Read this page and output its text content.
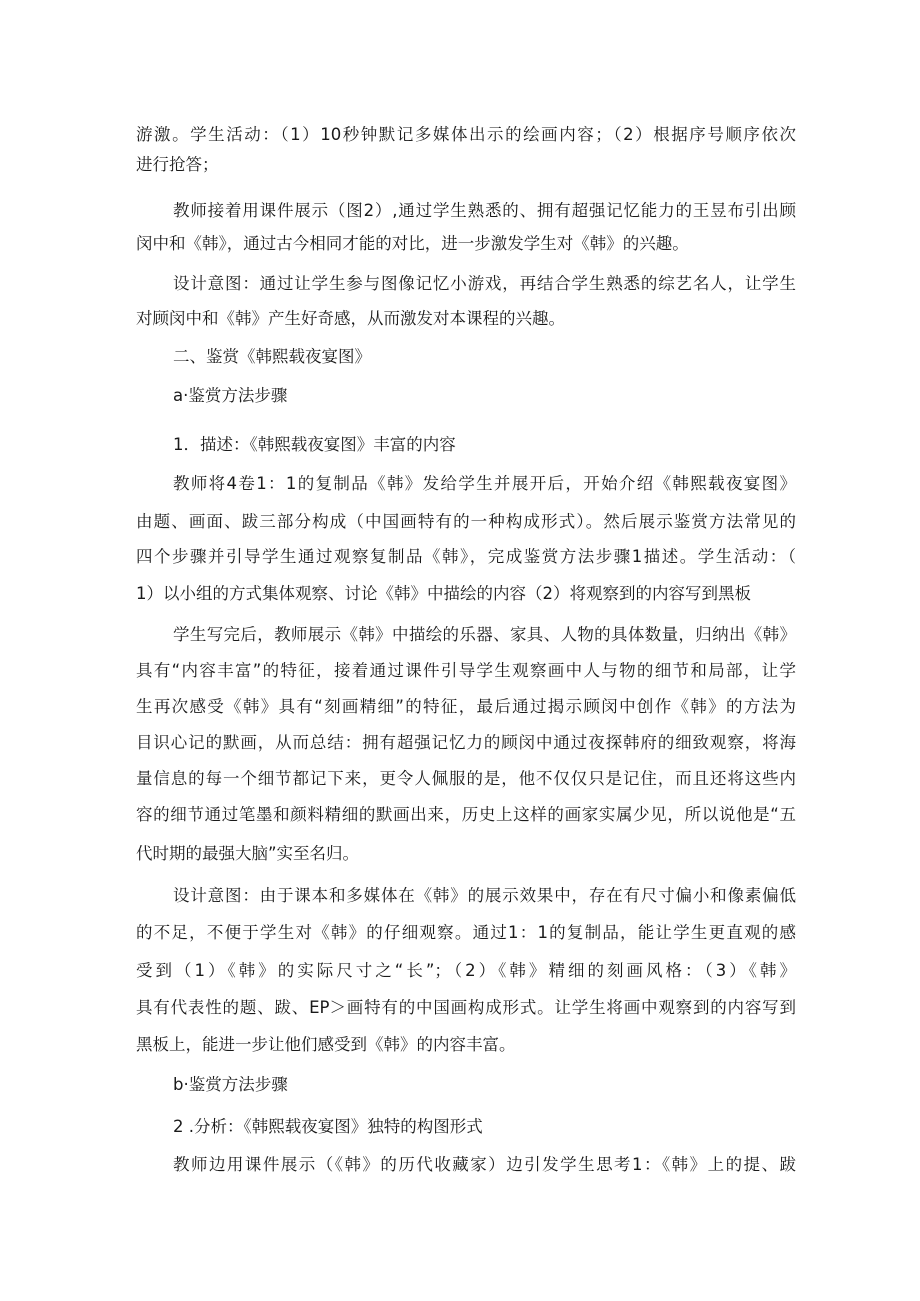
游激。学生活动：（1）10秒钟默记多媒体出示的绘画内容；（2）根据序号顺序依次
进行抢答；
教师接着用课件展示（图2）,通过学生熟悉的、拥有超强记忆能力的王昱布引出顾
闵中和《韩》，通过古今相同才能的对比，进一步激发学生对《韩》的兴趣。
设计意图：通过让学生参与图像记忆小游戏，再结合学生熟悉的综艺名人，让学生
对顾闵中和《韩》产生好奇感，从而激发对本课程的兴趣。
二、鉴赏《韩熙载夜宴图》
a·鉴赏方法步骤
1．描述：《韩熙载夜宴图》丰富的内容
教师将4卷1：1的复制品《韩》发给学生并展开后，开始介绍《韩熙载夜宴图》
由题、画面、跋三部分构成（中国画特有的一种构成形式）。然后展示鉴赏方法常见的
四个步骤并引导学生通过观察复制品《韩》，完成鉴赏方法步骤1描述。学生活动：（
1）以小组的方式集体观察、讨论《韩》中描绘的内容（2）将观察到的内容写到黑板
学生写完后，教师展示《韩》中描绘的乐器、家具、人物的具体数量，归纳出《韩》
具有“内容丰富”的特征，接着通过课件引导学生观察画中人与物的细节和局部，让学
生再次感受《韩》具有“刻画精细”的特征，最后通过揭示顾闵中创作《韩》的方法为
目识心记的默画，从而总结：拥有超强记忆力的顾闵中通过夜探韩府的细致观察，将海
量信息的每一个细节都记下来，更令人佩服的是，他不仅仅只是记住，而且还将这些内
容的细节通过笔墨和颜料精细的默画出来，历史上这样的画家实属少见，所以说他是“五
代时期的最强大脑”实至名归。
设计意图：由于课本和多媒体在《韩》的展示效果中，存在有尺寸偏小和像素偏低
的不足，不便于学生对《韩》的仔细观察。通过1：1的复制品，能让学生更直观的感
受到（1）《韩》的实际尺寸之“长”；（2）《韩》精细的刻画风格：（3）《韩》
具有代表性的题、跋、EP＞画特有的中国画构成形式。让学生将画中观察到的内容写到
黑板上，能进一步让他们感受到《韩》的内容丰富。
b·鉴赏方法步骤
2 .分析：《韩熙载夜宴图》独特的构图形式
教师边用课件展示（《韩》的历代收藏家）边引发学生思考1：《韩》上的提、跋
